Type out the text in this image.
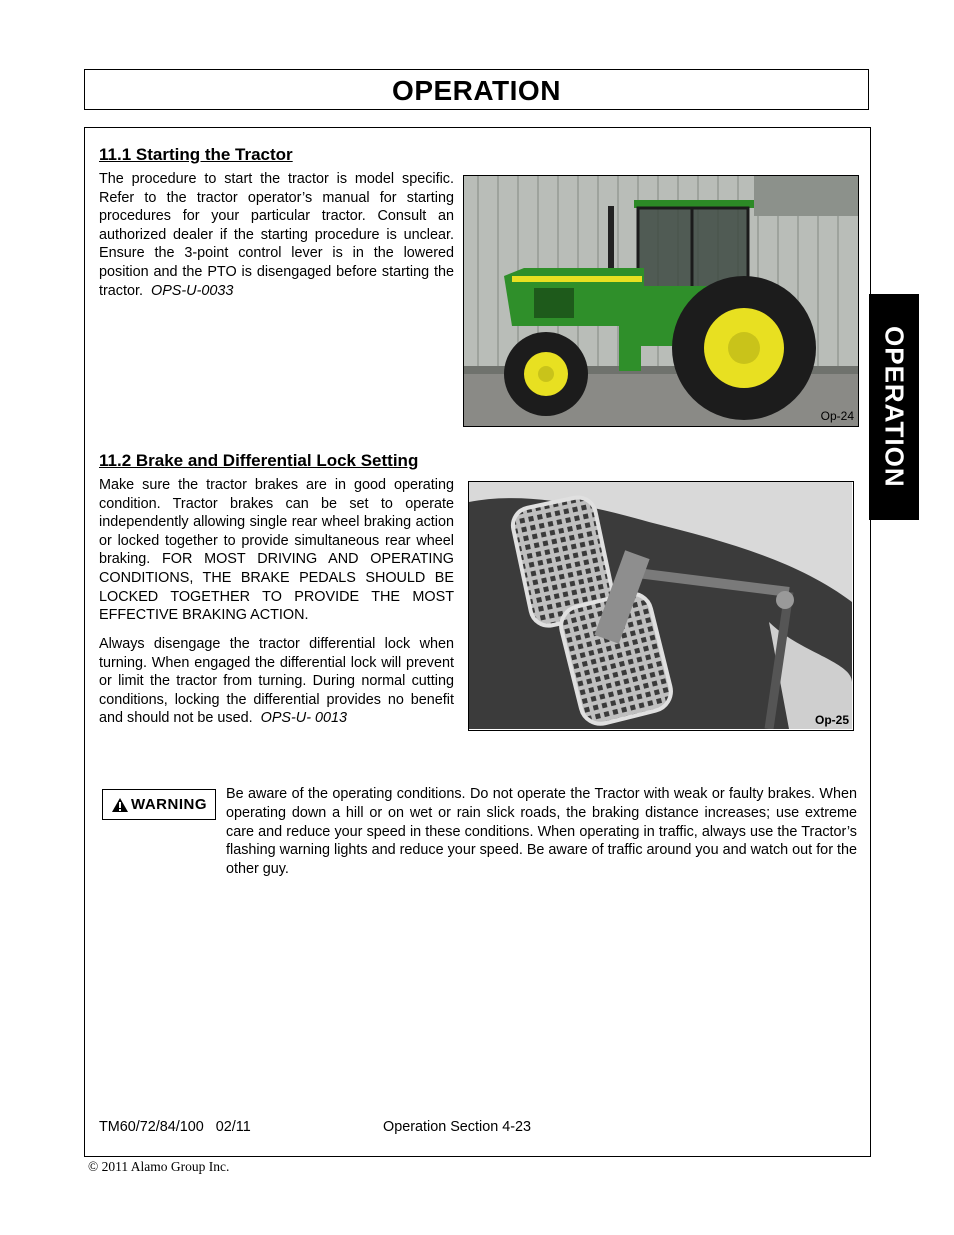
OPERATION
OPERATION
11.1 Starting the Tractor

The procedure to start the tractor is model specific. Refer to the tractor operator’s manual for starting procedures for your particular tractor. Consult an authorized dealer if the starting procedure is unclear. Ensure the 3-point control lever is in the lowered position and the PTO is disengaged before starting the tractor. OPS-U-0033

Op-24
11.2 Brake and Differential Lock Setting

Make sure the tractor brakes are in good operating condition. Tractor brakes can be set to operate independently allowing single rear wheel braking action or locked together to provide simultaneous rear wheel braking. FOR MOST DRIVING AND OPERATING CONDITIONS, THE BRAKE PEDALS SHOULD BE LOCKED TOGETHER TO PROVIDE THE MOST EFFECTIVE BRAKING ACTION.

Always disengage the tractor differential lock when turning. When engaged the differential lock will prevent or limit the tractor from turning. During normal cutting conditions, locking the differential provides no benefit and should not be used. OPS-U- 0013	Op-25
WARNING

Be aware of the operating conditions. Do not operate the Tractor with weak or faulty brakes. When operating down a hill or on wet or rain slick roads, the braking distance increases; use extreme care and reduce your speed in these conditions. When operating in traffic, always use the Tractor’s flashing warning lights and reduce your speed. Be aware of traffic around you and watch out for the other guy.

TM60/72/84/100   02/11	Operation Section 4-23
© 2011 Alamo Group Inc.
